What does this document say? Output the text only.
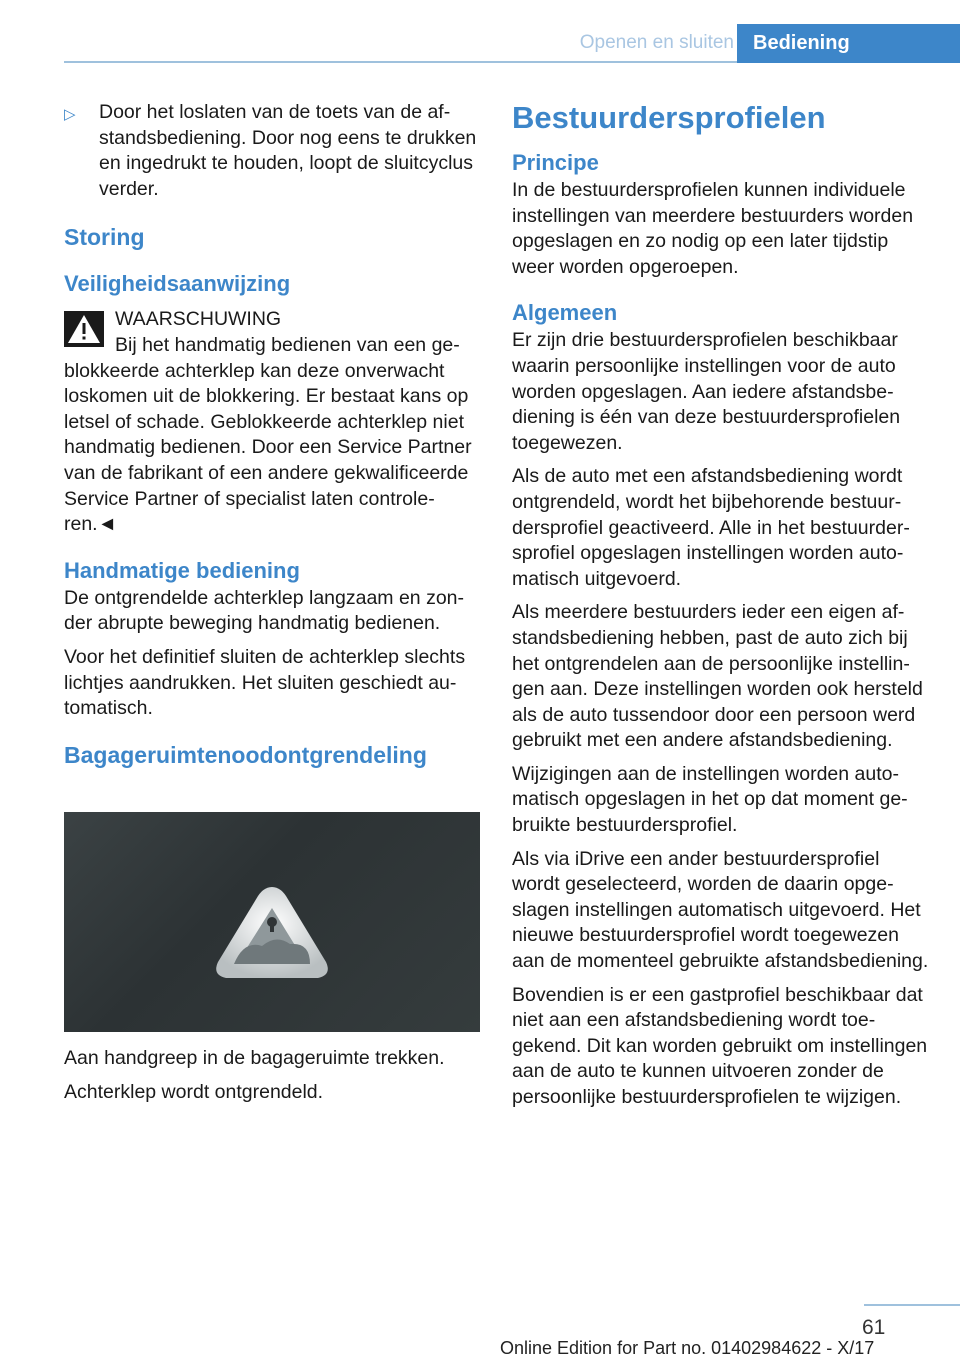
Openen en sluiten Bediening

▷ Door het loslaten van de toets van de afstandsbediening. Door nog eens te drukken en ingedrukt te houden, loopt de sluitcyclus verder.

Storing
Veiligheidsaanwijzing
WAARSCHUWING

Bij het handmatig bedienen van een geblokkeerde achterklep kan deze onverwacht loskomen uit de blokkering. Er bestaat kans op letsel of schade. Geblokkeerde achterklep niet handmatig bedienen. Door een Service Partner van de fabrikant of een andere gekwalificeerde Service Partner of specialist laten controleren.◄

Handmatige bediening

De ontgrendelde achterklep langzaam en zonder abrupte beweging handmatig bedienen.

Voor het definitief sluiten de achterklep slechts lichtjes aandrukken. Het sluiten geschiedt automatisch.

Bagageruimtenoodontgrendeling

Aan handgreep in de bagageruimte trekken.

Achterklep wordt ontgrendeld.

Bestuurdersprofielen
Principe

In de bestuurdersprofielen kunnen individuele instellingen van meerdere bestuurders worden opgeslagen en zo nodig op een later tijdstip weer worden opgeroepen.

Algemeen

Er zijn drie bestuurdersprofielen beschikbaar waarin persoonlijke instellingen voor de auto worden opgeslagen. Aan iedere afstandsbediening is één van deze bestuurdersprofielen toegewezen.

Als de auto met een afstandsbediening wordt ontgrendeld, wordt het bijbehorende bestuurdersprofiel geactiveerd. Alle in het bestuurdersprofiel opgeslagen instellingen worden automatisch uitgevoerd.

Als meerdere bestuurders ieder een eigen afstandsbediening hebben, past de auto zich bij het ontgrendelen aan de persoonlijke instellingen aan. Deze instellingen worden ook hersteld als de auto tussendoor door een persoon werd gebruikt met een andere afstandsbediening.

Wijzigingen aan de instellingen worden automatisch opgeslagen in het op dat moment gebruikte bestuurdersprofiel.

Als via iDrive een ander bestuurdersprofiel wordt geselecteerd, worden de daarin opgeslagen instellingen automatisch uitgevoerd. Het nieuwe bestuurdersprofiel wordt toegewezen aan de momenteel gebruikte afstandsbediening.

Bovendien is er een gastprofiel beschikbaar dat niet aan een afstandsbediening wordt toegekend. Dit kan worden gebruikt om instellingen aan de auto te kunnen uitvoeren zonder de persoonlijke bestuurdersprofielen te wijzigen.

61
Online Edition for Part no. 01402984622 - X/17
